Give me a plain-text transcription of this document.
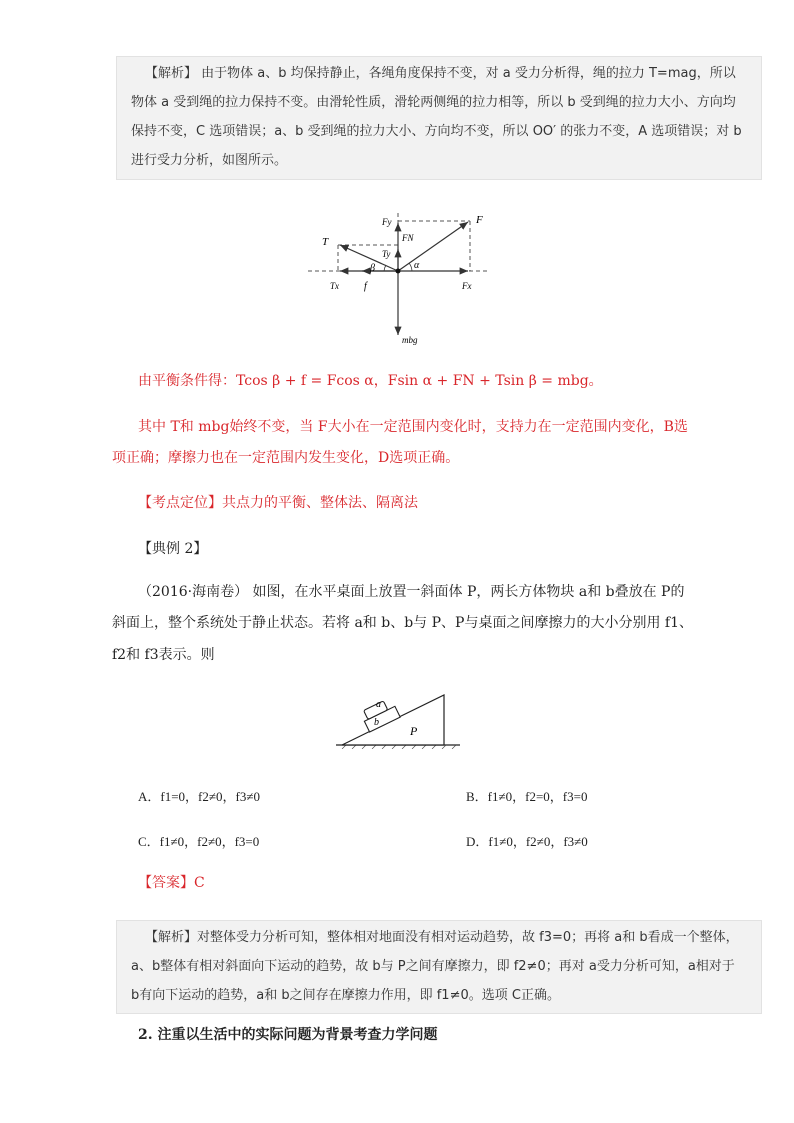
【解析】 由于物体 a、b 均保持静止，各绳角度保持不变，对 a 受力分析得，绳的拉力 T=mag，所以
物体 a 受到绳的拉力保持不变。由滑轮性质，滑轮两侧绳的拉力相等，所以 b 受到绳的拉力大小、方向均
保持不变，C 选项错误；a、b 受到绳的拉力大小、方向均不变，所以 OO′ 的张力不变，A 选项错误；对 b
进行受力分析，如图所示。
F
Fy
FN
T
Ty
β	α
Tx	f	Fx
mbg
由平衡条件得：Tcos β + f = Fcos α，Fsin α + FN + Tsin β = mbg。
其中 T和 mbg始终不变，当 F大小在一定范围内变化时，支持力在一定范围内变化，B选
项正确；摩擦力也在一定范围内发生变化，D选项正确。
【考点定位】共点力的平衡、整体法、隔离法
【典例 2】
（2016·海南卷） 如图，在水平桌面上放置一斜面体 P，两长方体物块 a和 b叠放在 P的
斜面上，整个系统处于静止状态。若将 a和 b、b与 P、P与桌面之间摩擦力的大小分别用 f1、
f2和 f3表示。则
a
b
P
A．f1=0，f2≠0，f3≠0	B．f1≠0，f2=0，f3=0
C．f1≠0，f2≠0，f3=0	D．f1≠0，f2≠0，f3≠0
【答案】C
【解析】对整体受力分析可知，整体相对地面没有相对运动趋势，故 f3=0；再将 a和 b看成一个整体，
a、b整体有相对斜面向下运动的趋势，故 b与 P之间有摩擦力，即 f2≠0；再对 a受力分析可知，a相对于
b有向下运动的趋势，a和 b之间存在摩擦力作用，即 f1≠0。选项 C正确。
2. 注重以生活中的实际问题为背景考查力学问题
